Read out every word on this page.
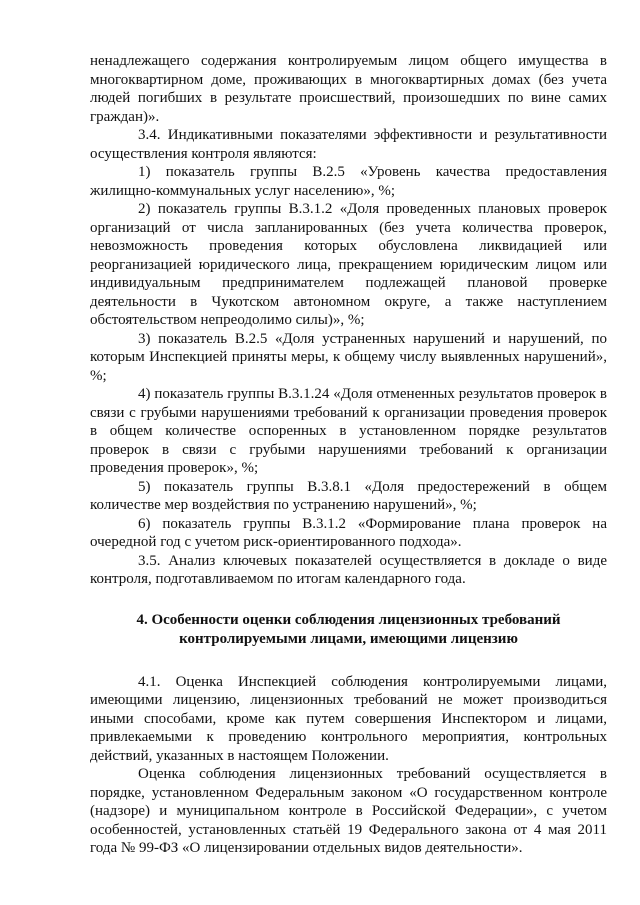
ненадлежащего содержания контролируемым лицом общего имущества в многоквартирном доме, проживающих в многоквартирных домах (без учета людей погибших в результате происшествий, произошедших по вине самих граждан)».

3.4. Индикативными показателями эффективности и результативности осуществления контроля являются:

1) показатель группы В.2.5 «Уровень качества предоставления жилищно-коммунальных услуг населению», %;

2) показатель группы В.3.1.2 «Доля проведенных плановых проверок организаций от числа запланированных (без учета количества проверок, невозможность проведения которых обусловлена ликвидацией или реорганизацией юридического лица, прекращением юридическим лицом или индивидуальным предпринимателем подлежащей плановой проверке деятельности в Чукотском автономном округе, а также наступлением обстоятельством непреодолимо силы)», %;

3) показатель В.2.5 «Доля устраненных нарушений и нарушений, по которым Инспекцией приняты меры, к общему числу выявленных нарушений», %;

4) показатель группы В.3.1.24 «Доля отмененных результатов проверок в связи с грубыми нарушениями требований к организации проведения проверок в общем количестве оспоренных в установленном порядке результатов проверок в связи с грубыми нарушениями требований к организации проведения проверок», %;

5) показатель группы В.3.8.1 «Доля предостережений в общем количестве мер воздействия по устранению нарушений», %;

6) показатель группы В.3.1.2 «Формирование плана проверок на очередной год с учетом риск-ориентированного подхода».

3.5. Анализ ключевых показателей осуществляется в докладе о виде контроля, подготавливаемом по итогам календарного года.

4. Особенности оценки соблюдения лицензионных требований
контролируемыми лицами, имеющими лицензию

4.1. Оценка Инспекцией соблюдения контролируемыми лицами, имеющими лицензию, лицензионных требований не может производиться иными способами, кроме как путем совершения Инспектором и лицами, привлекаемыми к проведению контрольного мероприятия, контрольных действий, указанных в настоящем Положении.

Оценка соблюдения лицензионных требований осуществляется в порядке, установленном Федеральным законом «О государственном контроле (надзоре) и муниципальном контроле в Российской Федерации», с учетом особенностей, установленных статьёй 19 Федерального закона от 4 мая 2011 года № 99-ФЗ «О лицензировании отдельных видов деятельности».
